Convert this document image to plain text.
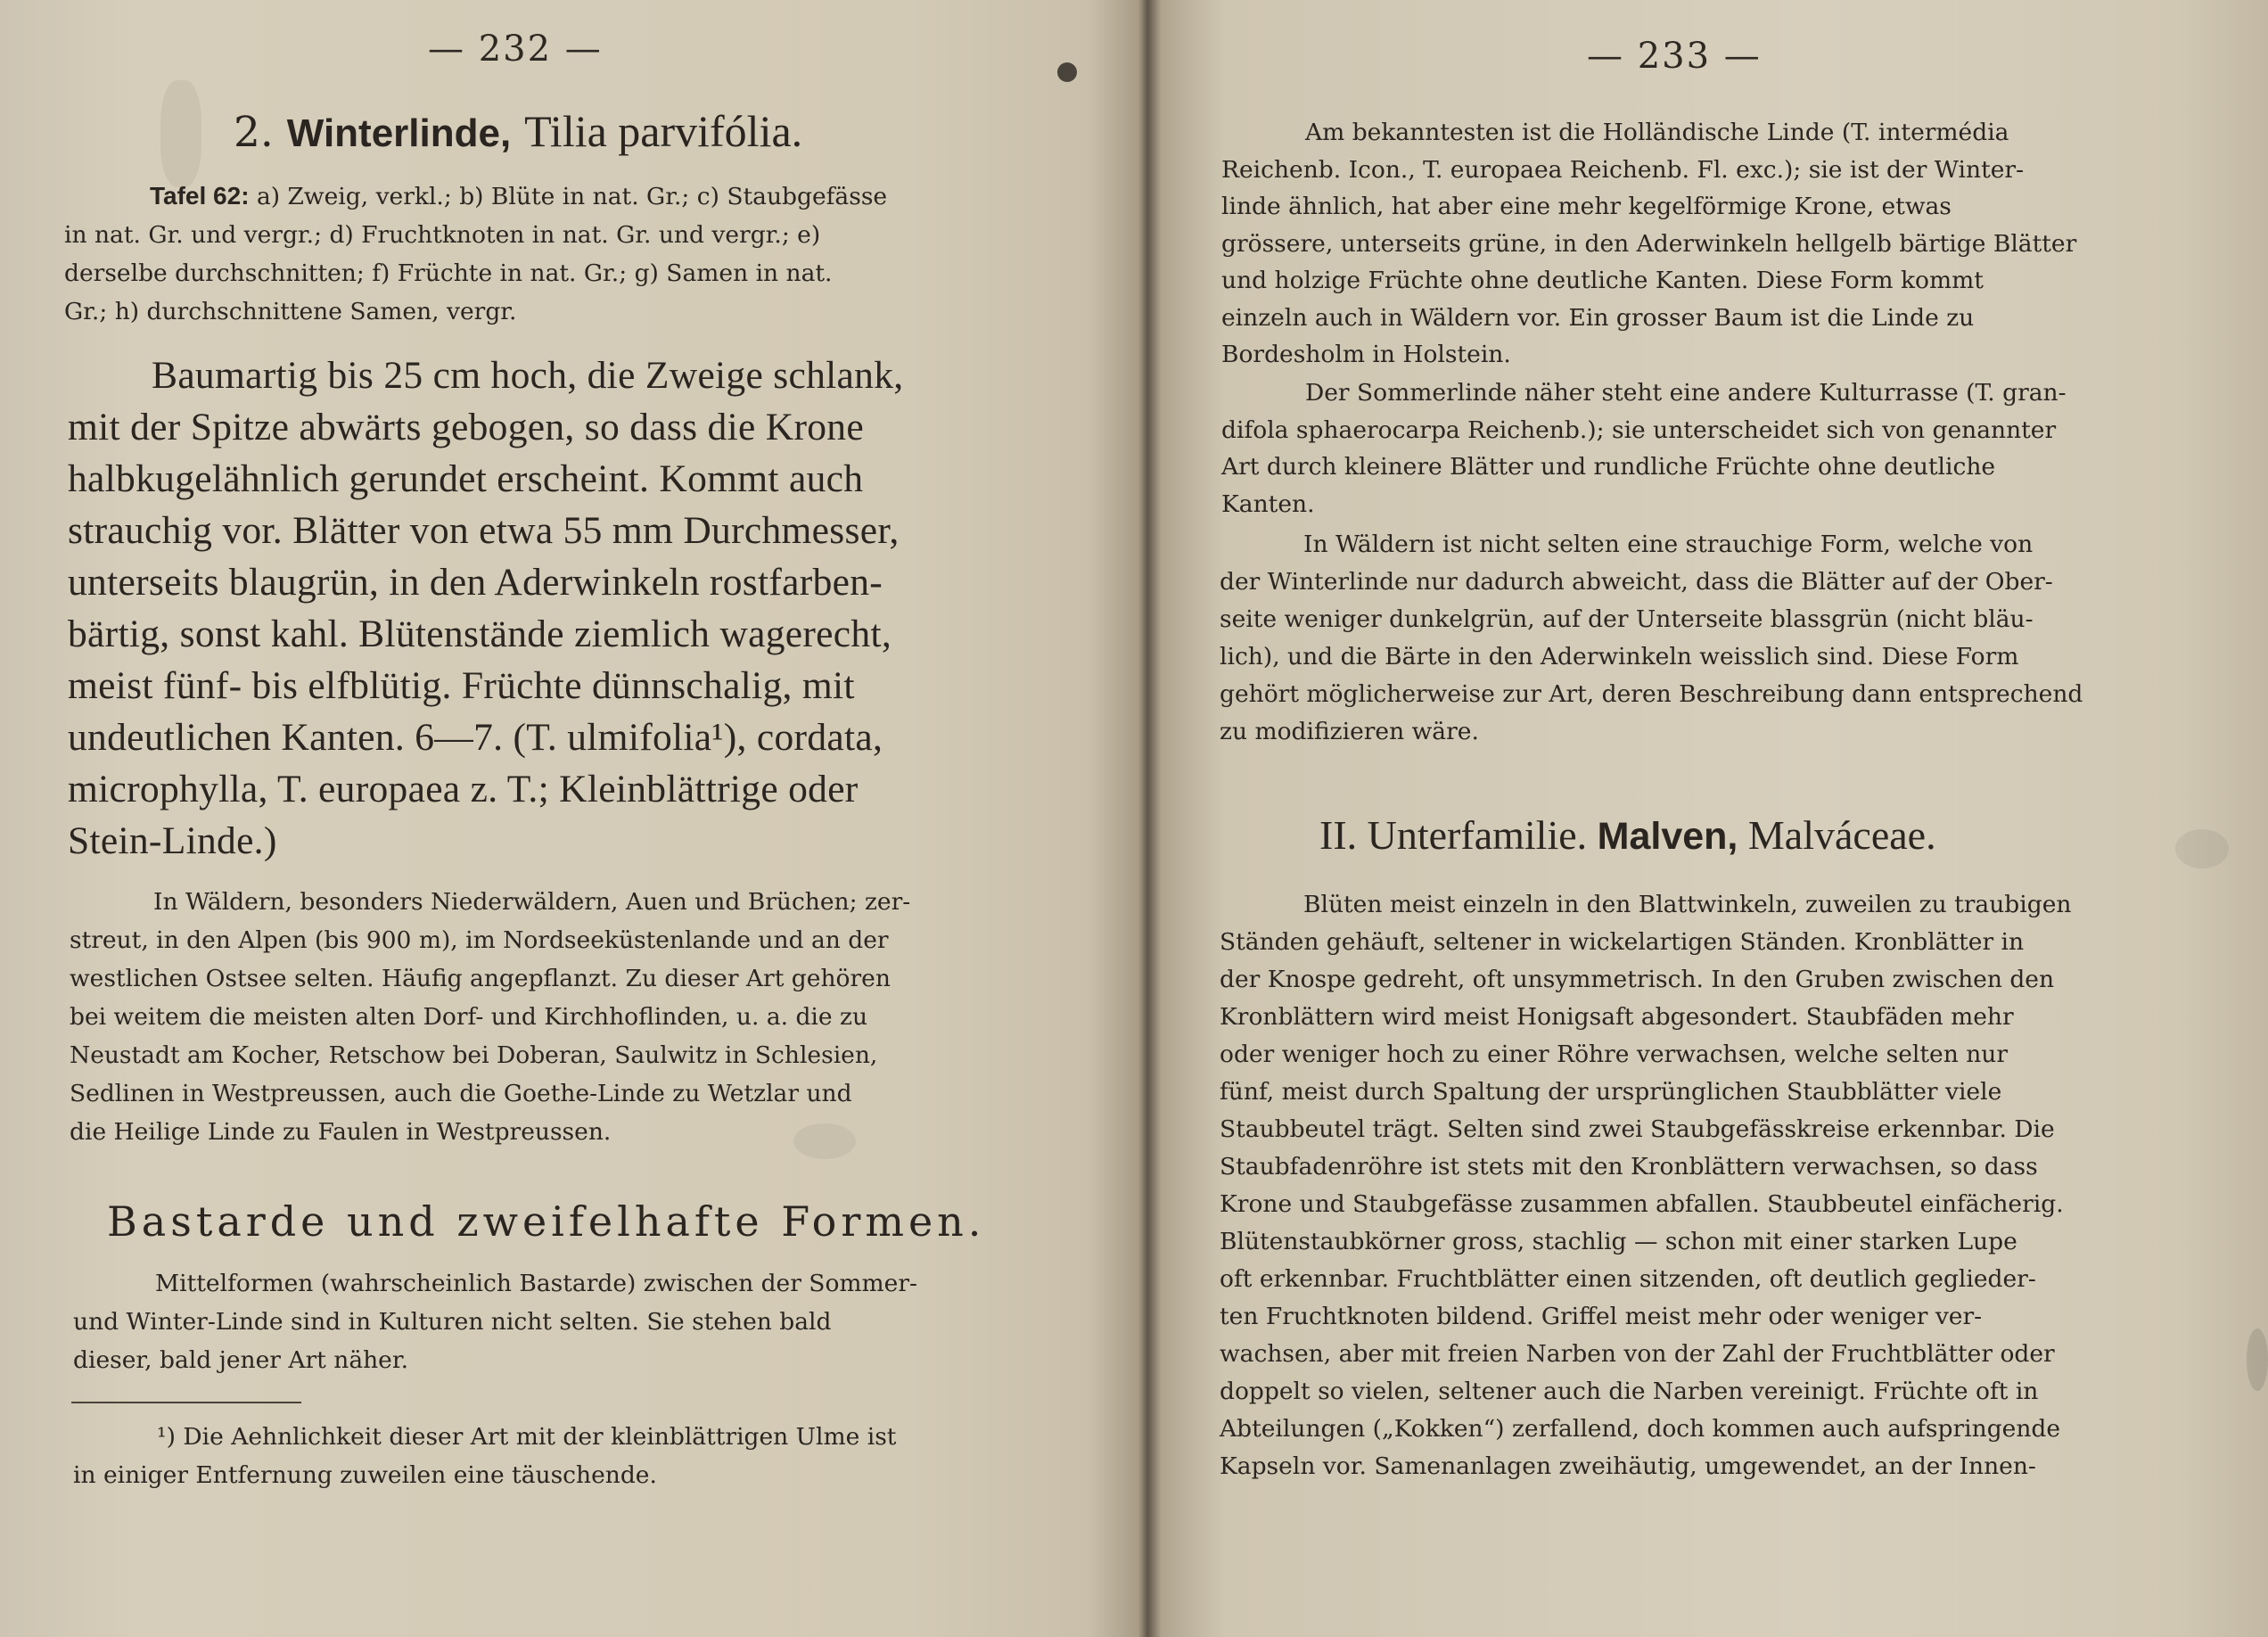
— 232 —
2. Winterlinde, Tilia parvifólia.
Tafel 62: a) Zweig, verkl.; b) Blüte in nat. Gr.; c) Staubgefässe
in nat. Gr. und vergr.; d) Fruchtknoten in nat. Gr. und vergr.; e)
derselbe durchschnitten; f) Früchte in nat. Gr.; g) Samen in nat.
Gr.; h) durchschnittene Samen, vergr.
Baumartig bis 25 cm hoch, die Zweige schlank,
mit der Spitze abwärts gebogen, so dass die Krone
halbkugelähnlich gerundet erscheint. Kommt auch
strauchig vor. Blätter von etwa 55 mm Durchmesser,
unterseits blaugrün, in den Aderwinkeln rostfarben-
bärtig, sonst kahl. Blütenstände ziemlich wagerecht,
meist fünf- bis elfblütig. Früchte dünnschalig, mit
undeutlichen Kanten. 6—7. (T. ulmifolia¹), cordata,
microphylla, T. europaea z. T.; Kleinblättrige oder
Stein-Linde.)
In Wäldern, besonders Niederwäldern, Auen und Brüchen; zer-
streut, in den Alpen (bis 900 m), im Nordseeküstenlande und an der
westlichen Ostsee selten. Häufig angepflanzt. Zu dieser Art gehören
bei weitem die meisten alten Dorf- und Kirchhoflinden, u. a. die zu
Neustadt am Kocher, Retschow bei Doberan, Saulwitz in Schlesien,
Sedlinen in Westpreussen, auch die Goethe-Linde zu Wetzlar und
die Heilige Linde zu Faulen in Westpreussen.
Bastarde und zweifelhafte Formen.
Mittelformen (wahrscheinlich Bastarde) zwischen der Sommer-
und Winter-Linde sind in Kulturen nicht selten. Sie stehen bald
dieser, bald jener Art näher.
¹) Die Aehnlichkeit dieser Art mit der kleinblättrigen Ulme ist
in einiger Entfernung zuweilen eine täuschende.
— 233 —
Am bekanntesten ist die Holländische Linde (T. intermédia
Reichenb. Icon., T. europaea Reichenb. Fl. exc.); sie ist der Winter-
linde ähnlich, hat aber eine mehr kegelförmige Krone, etwas
grössere, unterseits grüne, in den Aderwinkeln hellgelb bärtige Blätter
und holzige Früchte ohne deutliche Kanten. Diese Form kommt
einzeln auch in Wäldern vor. Ein grosser Baum ist die Linde zu
Bordesholm in Holstein.
Der Sommerlinde näher steht eine andere Kulturrasse (T. gran-
difola sphaerocarpa Reichenb.); sie unterscheidet sich von genannter
Art durch kleinere Blätter und rundliche Früchte ohne deutliche
Kanten.
In Wäldern ist nicht selten eine strauchige Form, welche von
der Winterlinde nur dadurch abweicht, dass die Blätter auf der Ober-
seite weniger dunkelgrün, auf der Unterseite blassgrün (nicht bläu-
lich), und die Bärte in den Aderwinkeln weisslich sind. Diese Form
gehört möglicherweise zur Art, deren Beschreibung dann entsprechend
zu modifizieren wäre.
II. Unterfamilie. Malven, Malváceae.
Blüten meist einzeln in den Blattwinkeln, zuweilen zu traubigen
Ständen gehäuft, seltener in wickelartigen Ständen. Kronblätter in
der Knospe gedreht, oft unsymmetrisch. In den Gruben zwischen den
Kronblättern wird meist Honigsaft abgesondert. Staubfäden mehr
oder weniger hoch zu einer Röhre verwachsen, welche selten nur
fünf, meist durch Spaltung der ursprünglichen Staubblätter viele
Staubbeutel trägt. Selten sind zwei Staubgefässkreise erkennbar. Die
Staubfadenröhre ist stets mit den Kronblättern verwachsen, so dass
Krone und Staubgefässe zusammen abfallen. Staubbeutel einfächerig.
Blütenstaubkörner gross, stachlig — schon mit einer starken Lupe
oft erkennbar. Fruchtblätter einen sitzenden, oft deutlich geglieder-
ten Fruchtknoten bildend. Griffel meist mehr oder weniger ver-
wachsen, aber mit freien Narben von der Zahl der Fruchtblätter oder
doppelt so vielen, seltener auch die Narben vereinigt. Früchte oft in
Abteilungen („Kokken“) zerfallend, doch kommen auch aufspringende
Kapseln vor. Samenanlagen zweihäutig, umgewendet, an der Innen-
